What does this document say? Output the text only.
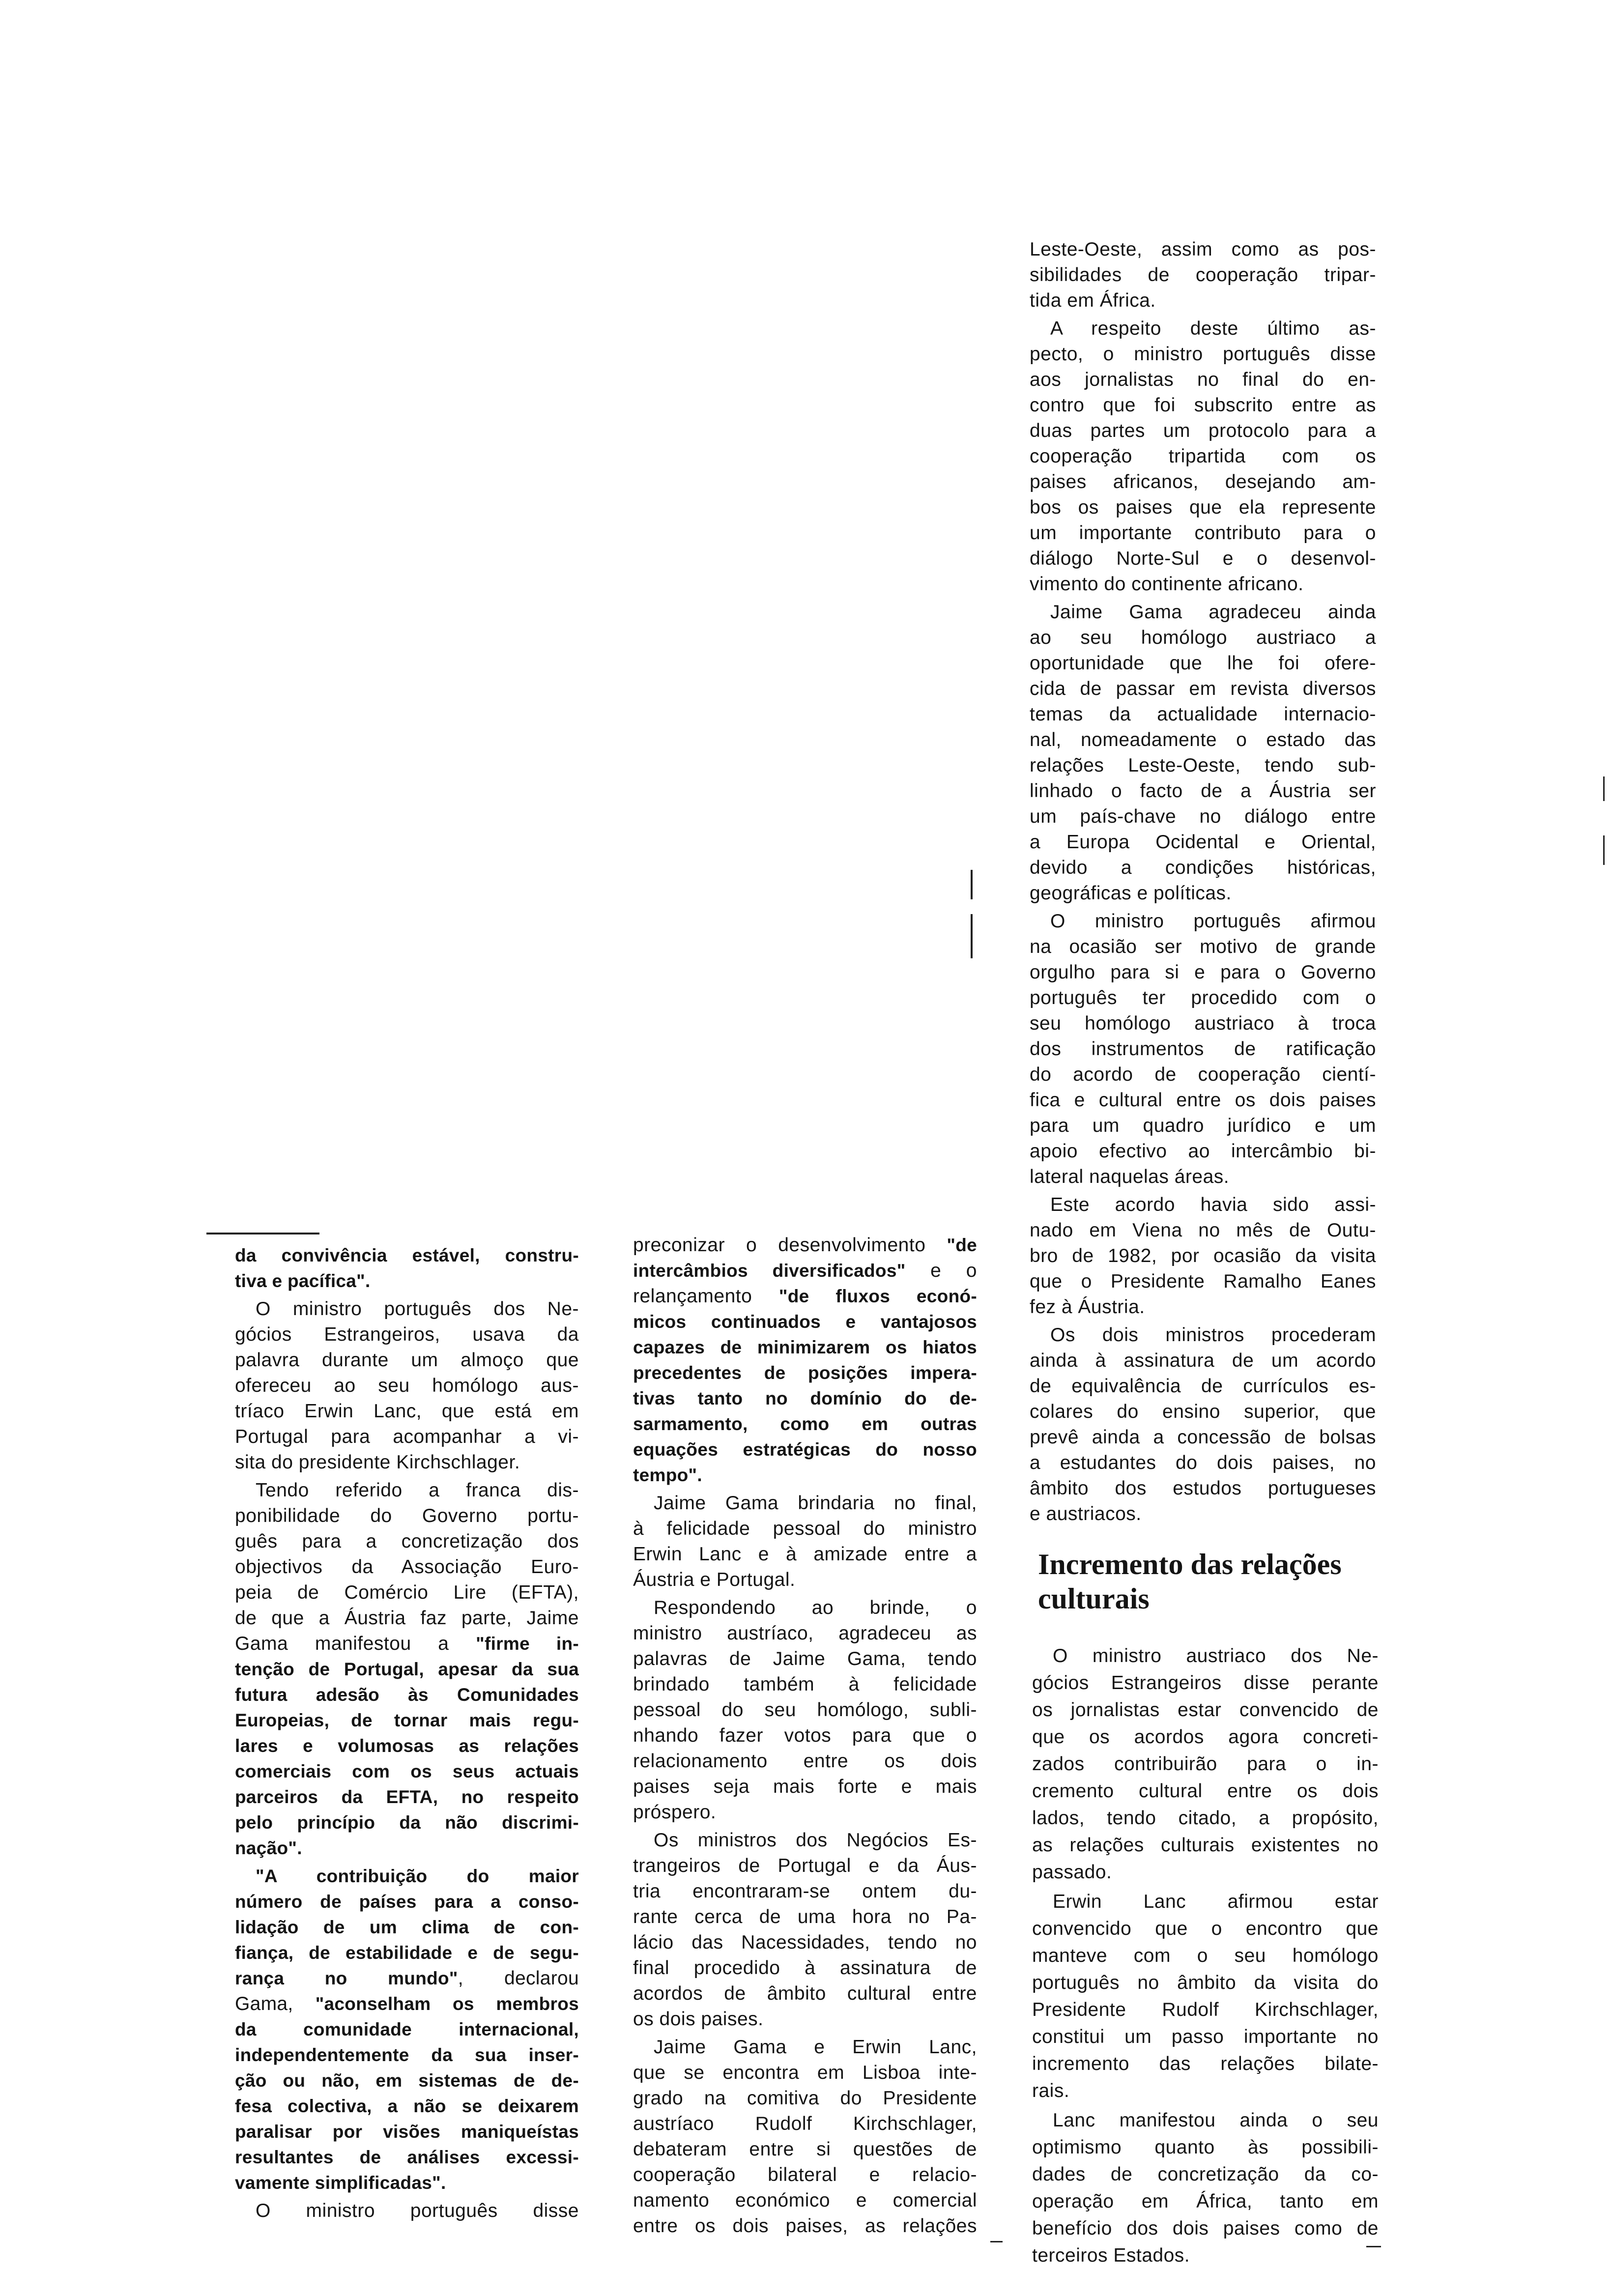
da convivência estável, constru-
tiva e pacífica".
O ministro português dos Ne-
gócios Estrangeiros, usava da
palavra durante um almoço que
ofereceu ao seu homólogo aus-
tríaco Erwin Lanc, que está em
Portugal para acompanhar a vi-
sita do presidente Kirchschlager.
Tendo referido a franca dis-
ponibilidade do Governo portu-
guês para a concretização dos
objectivos da Associação Euro-
peia de Comércio Lire (EFTA),
de que a Áustria faz parte, Jaime
Gama manifestou a "firme in-
tenção de Portugal, apesar da sua
futura adesão às Comunidades
Europeias, de tornar mais regu-
lares e volumosas as relações
comerciais com os seus actuais
parceiros da EFTA, no respeito
pelo princípio da não discrimi-
nação".
"A contribuição do maior
número de países para a conso-
lidação de um clima de con-
fiança, de estabilidade e de segu-
rança no mundo", declarou
Gama, "aconselham os membros
da comunidade internacional,
independentemente da sua inser-
ção ou não, em sistemas de de-
fesa colectiva, a não se deixarem
paralisar por visões maniqueístas
resultantes de análises excessi-
vamente simplificadas".
O ministro português disse
preconizar o desenvolvimento "de
intercâmbios diversificados" e o
relançamento "de fluxos econó-
micos continuados e vantajosos
capazes de minimizarem os hiatos
precedentes de posições impera-
tivas tanto no domínio do de-
sarmamento, como em outras
equações estratégicas do nosso
tempo".
Jaime Gama brindaria no final,
à felicidade pessoal do ministro
Erwin Lanc e à amizade entre a
Áustria e Portugal.
Respondendo ao brinde, o
ministro austríaco, agradeceu as
palavras de Jaime Gama, tendo
brindado também à felicidade
pessoal do seu homólogo, subli-
nhando fazer votos para que o
relacionamento entre os dois
paises seja mais forte e mais
próspero.
Os ministros dos Negócios Es-
trangeiros de Portugal e da Áus-
tria encontraram-se ontem du-
rante cerca de uma hora no Pa-
lácio das Nacessidades, tendo no
final procedido à assinatura de
acordos de âmbito cultural entre
os dois paises.
Jaime Gama e Erwin Lanc,
que se encontra em Lisboa inte-
grado na comitiva do Presidente
austríaco Rudolf Kirchschlager,
debateram entre si questões de
cooperação bilateral e relacio-
namento económico e comercial
entre os dois paises, as relações
Leste-Oeste, assim como as pos-
sibilidades de cooperação tripar-
tida em África.
A respeito deste último as-
pecto, o ministro português disse
aos jornalistas no final do en-
contro que foi subscrito entre as
duas partes um protocolo para a
cooperação tripartida com os
paises africanos, desejando am-
bos os paises que ela represente
um importante contributo para o
diálogo Norte-Sul e o desenvol-
vimento do continente africano.
Jaime Gama agradeceu ainda
ao seu homólogo austriaco a
oportunidade que lhe foi ofere-
cida de passar em revista diversos
temas da actualidade internacio-
nal, nomeadamente o estado das
relações Leste-Oeste, tendo sub-
linhado o facto de a Áustria ser
um país-chave no diálogo entre
a Europa Ocidental e Oriental,
devido a condições históricas,
geográficas e políticas.
O ministro português afirmou
na ocasião ser motivo de grande
orgulho para si e para o Governo
português ter procedido com o
seu homólogo austriaco à troca
dos instrumentos de ratificação
do acordo de cooperação cientí-
fica e cultural entre os dois paises
para um quadro jurídico e um
apoio efectivo ao intercâmbio bi-
lateral naquelas áreas.
Este acordo havia sido assi-
nado em Viena no mês de Outu-
bro de 1982, por ocasião da visita
que o Presidente Ramalho Eanes
fez à Áustria.
Os dois ministros procederam
ainda à assinatura de um acordo
de equivalência de currículos es-
colares do ensino superior, que
prevê ainda a concessão de bolsas
a estudantes do dois paises, no
âmbito dos estudos portugueses
e austriacos.
Incremento das relações
culturais
O ministro austriaco dos Ne-
gócios Estrangeiros disse perante
os jornalistas estar convencido de
que os acordos agora concreti-
zados contribuirão para o in-
cremento cultural entre os dois
lados, tendo citado, a propósito,
as relações culturais existentes no
passado.
Erwin Lanc afirmou estar
convencido que o encontro que
manteve com o seu homólogo
português no âmbito da visita do
Presidente Rudolf Kirchschlager,
constitui um passo importante no
incremento das relações bilate-
rais.
Lanc manifestou ainda o seu
optimismo quanto às possibili-
dades de concretização da co-
operação em África, tanto em
benefício dos dois paises como de
terceiros Estados.
